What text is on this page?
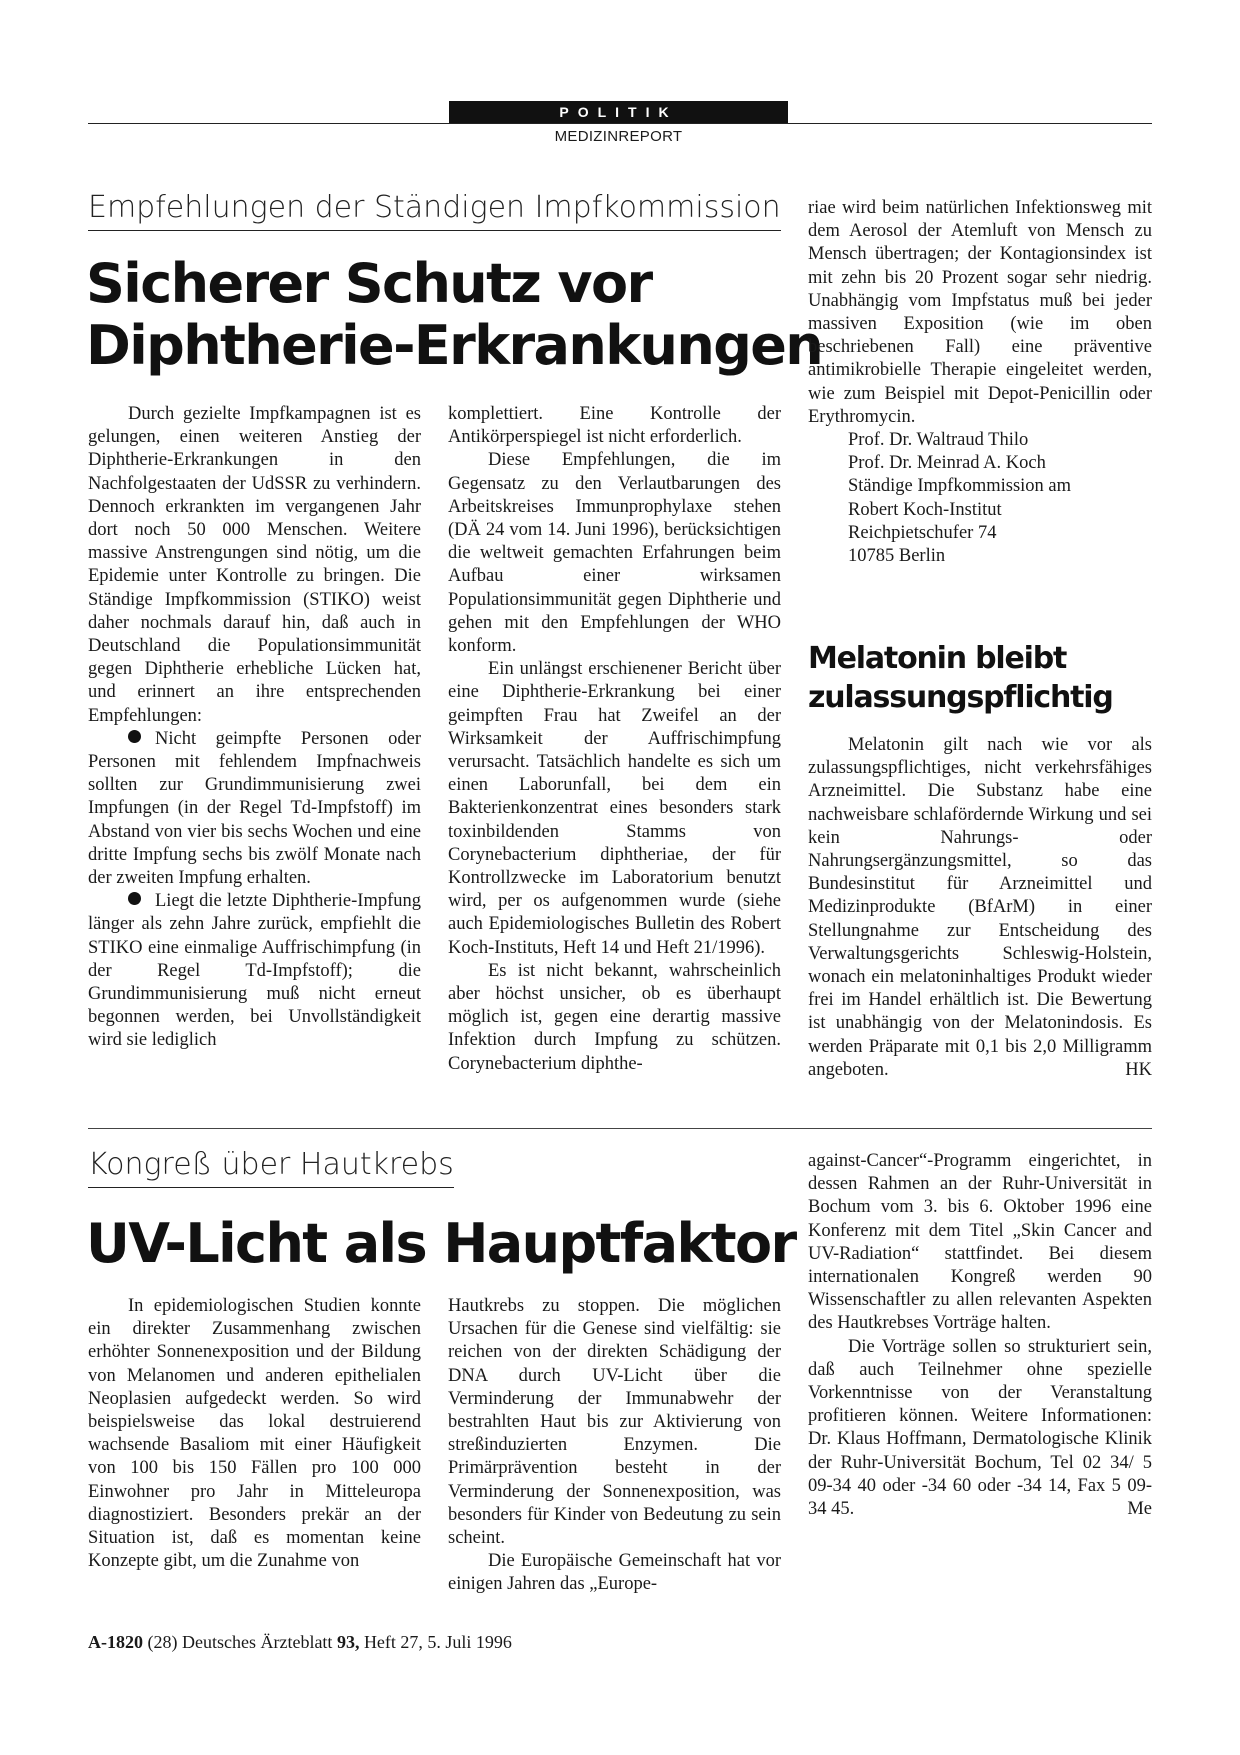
POLITIK
MEDIZINREPORT
Empfehlungen der Ständigen Impfkommission
Sicherer Schutz vor
Diphtherie-Erkrankungen

Durch gezielte Impfkampagnen ist es gelungen, einen weiteren Anstieg der Diphtherie-Erkrankungen in den Nachfolgestaaten der UdSSR zu verhindern. Dennoch erkrankten im vergangenen Jahr dort noch 50 000 Menschen. Weitere massive Anstrengungen sind nötig, um die Epidemie unter Kontrolle zu bringen. Die Ständige Impfkommission (STIKO) weist daher nochmals darauf hin, daß auch in Deutschland die Populationsimmunität gegen Diphtherie erhebliche Lücken hat, und erinnert an ihre entsprechenden Empfehlungen:

Nicht geimpfte Personen oder Personen mit fehlendem Impfnachweis sollten zur Grundimmunisierung zwei Impfungen (in der Regel Td-Impfstoff) im Abstand von vier bis sechs Wochen und eine dritte Impfung sechs bis zwölf Monate nach der zweiten Impfung erhalten.

Liegt die letzte Diphtherie-Impfung länger als zehn Jahre zurück, empfiehlt die STIKO eine einmalige Auffrischimpfung (in der Regel Td-Impfstoff); die Grundimmunisierung muß nicht erneut begonnen werden, bei Unvollständigkeit wird sie lediglich

komplettiert. Eine Kontrolle der Antikörperspiegel ist nicht erforderlich.

Diese Empfehlungen, die im Gegensatz zu den Verlautbarungen des Arbeitskreises Immunprophylaxe stehen (DÄ 24 vom 14. Juni 1996), berücksichtigen die weltweit gemachten Erfahrungen beim Aufbau einer wirksamen Populationsimmunität gegen Diphtherie und gehen mit den Empfehlungen der WHO konform.

Ein unlängst erschienener Bericht über eine Diphtherie-Erkrankung bei einer geimpften Frau hat Zweifel an der Wirksamkeit der Auffrischimpfung verursacht. Tatsächlich handelte es sich um einen Laborunfall, bei dem ein Bakterienkonzentrat eines besonders stark toxinbildenden Stamms von Corynebacterium diphtheriae, der für Kontrollzwecke im Laboratorium benutzt wird, per os aufgenommen wurde (siehe auch Epidemiologisches Bulletin des Robert Koch-Instituts, Heft 14 und Heft 21/1996).

Es ist nicht bekannt, wahrscheinlich aber höchst unsicher, ob es überhaupt möglich ist, gegen eine derartig massive Infektion durch Impfung zu schützen. Corynebacterium diphthe-

riae wird beim natürlichen Infektionsweg mit dem Aerosol der Atemluft von Mensch zu Mensch übertragen; der Kontagionsindex ist mit zehn bis 20 Prozent sogar sehr niedrig. Unabhängig vom Impfstatus muß bei jeder massiven Exposition (wie im oben beschriebenen Fall) eine präventive antimikrobielle Therapie eingeleitet werden, wie zum Beispiel mit Depot-Penicillin oder Erythromycin.

Prof. Dr. Waltraud Thilo
Prof. Dr. Meinrad A. Koch
Ständige Impfkommission am
Robert Koch-Institut
Reichpietschufer 74
10785 Berlin
Melatonin bleibt
zulassungspflichtig

Melatonin gilt nach wie vor als zulassungspflichtiges, nicht verkehrsfähiges Arzneimittel. Die Substanz habe eine nachweisbare schlafördernde Wirkung und sei kein Nahrungs- oder Nahrungsergänzungsmittel, so das Bundesinstitut für Arzneimittel und Medizinprodukte (BfArM) in einer Stellungnahme zur Entscheidung des Verwaltungsgerichts Schleswig-Holstein, wonach ein melatoninhaltiges Produkt wieder frei im Handel erhältlich ist. Die Bewertung ist unabhängig von der Melatonindosis. Es werden Präparate mit 0,1 bis 2,0 Milligramm angeboten.	HK

Kongreß über Hautkrebs
UV-Licht als Hauptfaktor

In epidemiologischen Studien konnte ein direkter Zusammenhang zwischen erhöhter Sonnenexposition und der Bildung von Melanomen und anderen epithelialen Neoplasien aufgedeckt werden. So wird beispielsweise das lokal destruierend wachsende Basaliom mit einer Häufigkeit von 100 bis 150 Fällen pro 100 000 Einwohner pro Jahr in Mitteleuropa diagnostiziert. Besonders prekär an der Situation ist, daß es momentan keine Konzepte gibt, um die Zunahme von

Hautkrebs zu stoppen. Die möglichen Ursachen für die Genese sind vielfältig: sie reichen von der direkten Schädigung der DNA durch UV-Licht über die Verminderung der Immunabwehr der bestrahlten Haut bis zur Aktivierung von streßinduzierten Enzymen. Die Primärprävention besteht in der Verminderung der Sonnenexposition, was besonders für Kinder von Bedeutung zu sein scheint.

Die Europäische Gemeinschaft hat vor einigen Jahren das „Europe-

against-Cancer“-Programm eingerichtet, in dessen Rahmen an der Ruhr-Universität in Bochum vom 3. bis 6. Oktober 1996 eine Konferenz mit dem Titel „Skin Cancer and UV-Radiation“ stattfindet. Bei diesem internationalen Kongreß werden 90 Wissenschaftler zu allen relevanten Aspekten des Hautkrebses Vorträge halten.

Die Vorträge sollen so strukturiert sein, daß auch Teilnehmer ohne spezielle Vorkenntnisse von der Veranstaltung profitieren können. Weitere Informationen: Dr. Klaus Hoffmann, Dermatologische Klinik der Ruhr-Universität Bochum, Tel 02 34/ 5 09-34 40 oder -34 60 oder -34 14, Fax 5 09-34 45.	Me

A-1820 (28) Deutsches Ärzteblatt 93, Heft 27, 5. Juli 1996
